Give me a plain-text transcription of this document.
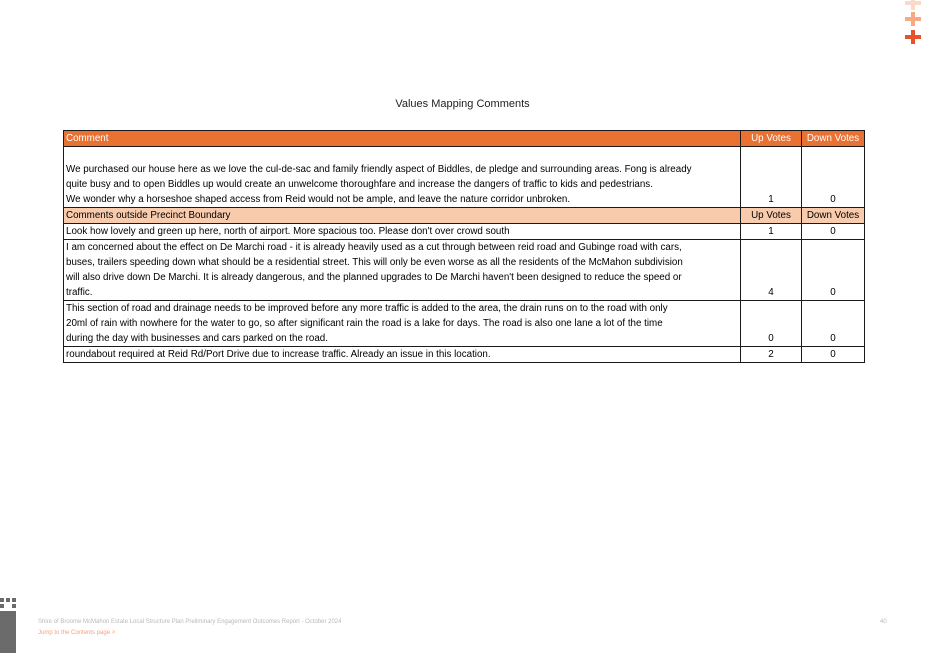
Values Mapping Comments
Comment	Up Votes	Down Votes

We purchased our house here as we love the cul-de-sac and family friendly aspect of Biddles, de pledge and surrounding areas. Fong is already
quite busy and to open Biddles up would create an unwelcome thoroughfare and increase the dangers of traffic to kids and pedestrians.
We wonder why a horseshoe shaped access from Reid would not be ample, and leave the nature corridor unbroken.	1	0
Comments outside Precinct Boundary	Up Votes	Down Votes

Look how lovely and green up here, north of airport. More spacious too. Please don't over crowd south	1	0

I am concerned about the effect on De Marchi road - it is already heavily used as a cut through between reid road and Gubinge road with cars,
buses, trailers speeding down what should be a residential street. This will only be even worse as all the residents of the McMahon subdivision
will also drive down De Marchi. It is already dangerous, and the planned upgrades to De Marchi haven't been designed to reduce the speed or
traffic.	4	0

This section of road and drainage needs to be improved before any more traffic is added to the area, the drain runs on to the road with only
20ml of rain with nowhere for the water to go, so after significant rain the road is a lake for days. The road is also one lane a lot of the time
during the day with businesses and cars parked on the road.	0	0

roundabout required at Reid Rd/Port Drive due to increase traffic. Already an issue in this location.	2	0
Shire of Broome McMahon Estate Local Structure Plan Preliminary Engagement Outcomes Report - October 2024
Jump to the Contents page >
40
